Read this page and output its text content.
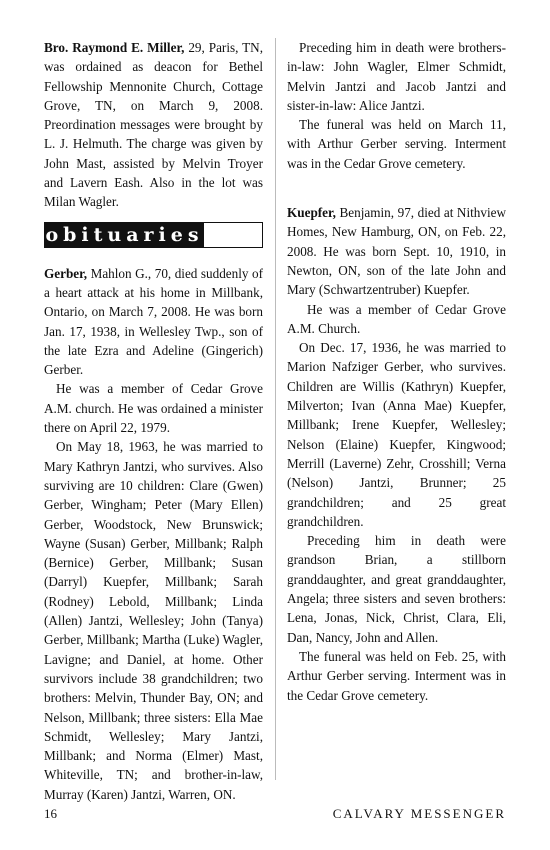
Bro. Raymond E. Miller, 29, Paris, TN, was ordained as deacon for Bethel Fellowship Mennonite Church, Cottage Grove, TN, on March 9, 2008. Preordination messages were brought by L. J. Helmuth. The charge was given by John Mast, assisted by Melvin Troyer and Lavern Eash. Also in the lot was Milan Wagler.

obituaries

Gerber, Mahlon G., 70, died suddenly of a heart attack at his home in Millbank, Ontario, on March 7, 2008. He was born Jan. 17, 1938, in Wellesley Twp., son of the late Ezra and Adeline (Gingerich) Gerber.

He was a member of Cedar Grove A.M. church. He was ordained a minister there on April 22, 1979.

On May 18, 1963, he was married to Mary Kathryn Jantzi, who survives. Also surviving are 10 children: Clare (Gwen) Gerber, Wingham; Peter (Mary Ellen) Gerber, Woodstock, New Brunswick; Wayne (Susan) Gerber, Millbank; Ralph (Bernice) Gerber, Millbank; Susan (Darryl) Kuepfer, Millbank; Sarah (Rodney) Lebold, Millbank; Linda (Allen) Jantzi, Wellesley; John (Tanya) Gerber, Millbank; Martha (Luke) Wagler, Lavigne; and Daniel, at home. Other survivors include 38 grandchildren; two brothers: Melvin, Thunder Bay, ON; and Nelson, Millbank; three sisters: Ella Mae Schmidt, Wellesley; Mary Jantzi, Millbank; and Norma (Elmer) Mast, Whiteville, TN; and brother-in-law, Murray (Karen) Jantzi, Warren, ON.

Preceding him in death were brothers-in-law: John Wagler, Elmer Schmidt, Melvin Jantzi and Jacob Jantzi and sister-in-law: Alice Jantzi.

The funeral was held on March 11, with Arthur Gerber serving. Interment was in the Cedar Grove cemetery.

Kuepfer, Benjamin, 97, died at Nithview Homes, New Hamburg, ON, on Feb. 22, 2008. He was born Sept. 10, 1910, in Newton, ON, son of the late John and Mary (Schwartzentruber) Kuepfer.

He was a member of Cedar Grove A.M. Church.

On Dec. 17, 1936, he was married to Marion Nafziger Gerber, who survives. Children are Willis (Kathryn) Kuepfer, Milverton; Ivan (Anna Mae) Kuepfer, Millbank; Irene Kuepfer, Wellesley; Nelson (Elaine) Kuepfer, Kingwood; Merrill (Laverne) Zehr, Crosshill; Verna (Nelson) Jantzi, Brunner; 25 grandchildren; and 25 great grandchildren.

Preceding him in death were grandson Brian, a stillborn granddaughter, and great granddaughter, Angela; three sisters and seven brothers: Lena, Jonas, Nick, Christ, Clara, Eli, Dan, Nancy, John and Allen.

The funeral was held on Feb. 25, with Arthur Gerber serving. Interment was in the Cedar Grove cemetery.

16	CALVARY MESSENGER
